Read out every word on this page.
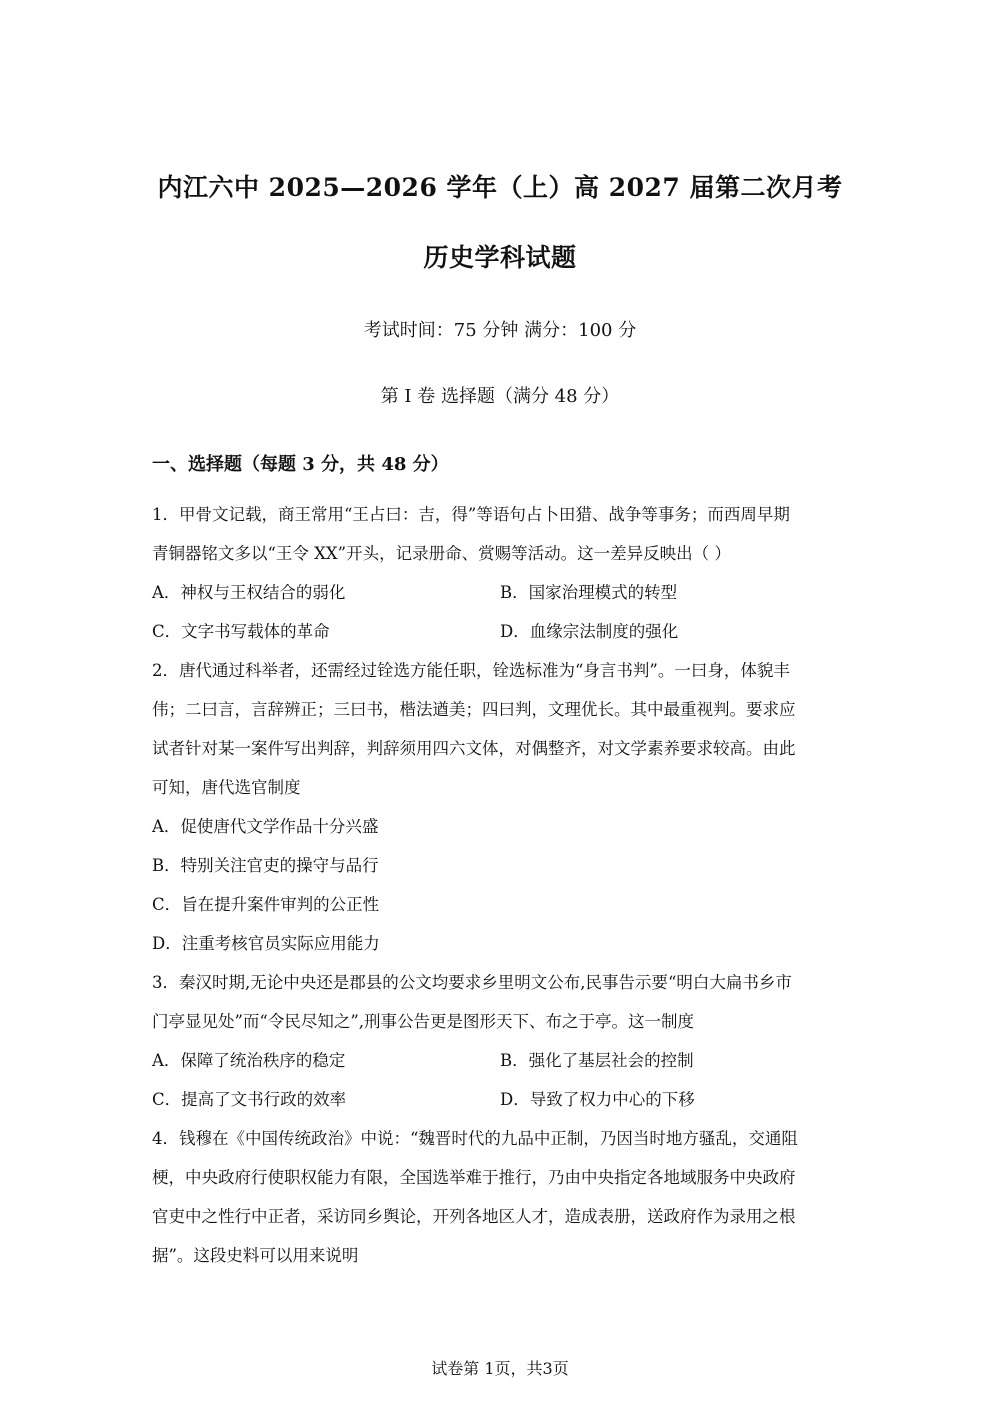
内江六中 2025—2026 学年（上）高 2027 届第二次月考
历史学科试题
考试时间：75 分钟 满分：100 分
第 Ⅰ 卷 选择题（满分 48 分）
一、选择题（每题 3 分，共 48 分）
1．甲骨文记载，商王常用“王占曰：吉，得”等语句占卜田猎、战争等事务；而西周早期
青铜器铭文多以“王令 XX”开头，记录册命、赏赐等活动。这一差异反映出（ ）
A．神权与王权结合的弱化	B．国家治理模式的转型
C．文字书写载体的革命	D．血缘宗法制度的强化
2．唐代通过科举者，还需经过铨选方能任职，铨选标准为“身言书判”。一曰身，体貌丰
伟；二曰言，言辞辨正；三曰书，楷法遒美；四曰判，文理优长。其中最重视判。要求应
试者针对某一案件写出判辞，判辞须用四六文体，对偶整齐，对文学素养要求较高。由此
可知，唐代选官制度
A．促使唐代文学作品十分兴盛
B．特别关注官吏的操守与品行
C．旨在提升案件审判的公正性
D．注重考核官员实际应用能力
3．秦汉时期,无论中央还是郡县的公文均要求乡里明文公布,民事告示要“明白大扁书乡市
门亭显见处”而“令民尽知之”,刑事公告更是图形天下、布之于亭。这一制度
A．保障了统治秩序的稳定	B．强化了基层社会的控制
C．提高了文书行政的效率	D．导致了权力中心的下移
4．钱穆在《中国传统政治》中说：“魏晋时代的九品中正制，乃因当时地方骚乱，交通阻
梗，中央政府行使职权能力有限，全国选举难于推行，乃由中央指定各地域服务中央政府
官吏中之性行中正者，采访同乡舆论，开列各地区人才，造成表册，送政府作为录用之根
据”。这段史料可以用来说明
试卷第 1页，共3页
